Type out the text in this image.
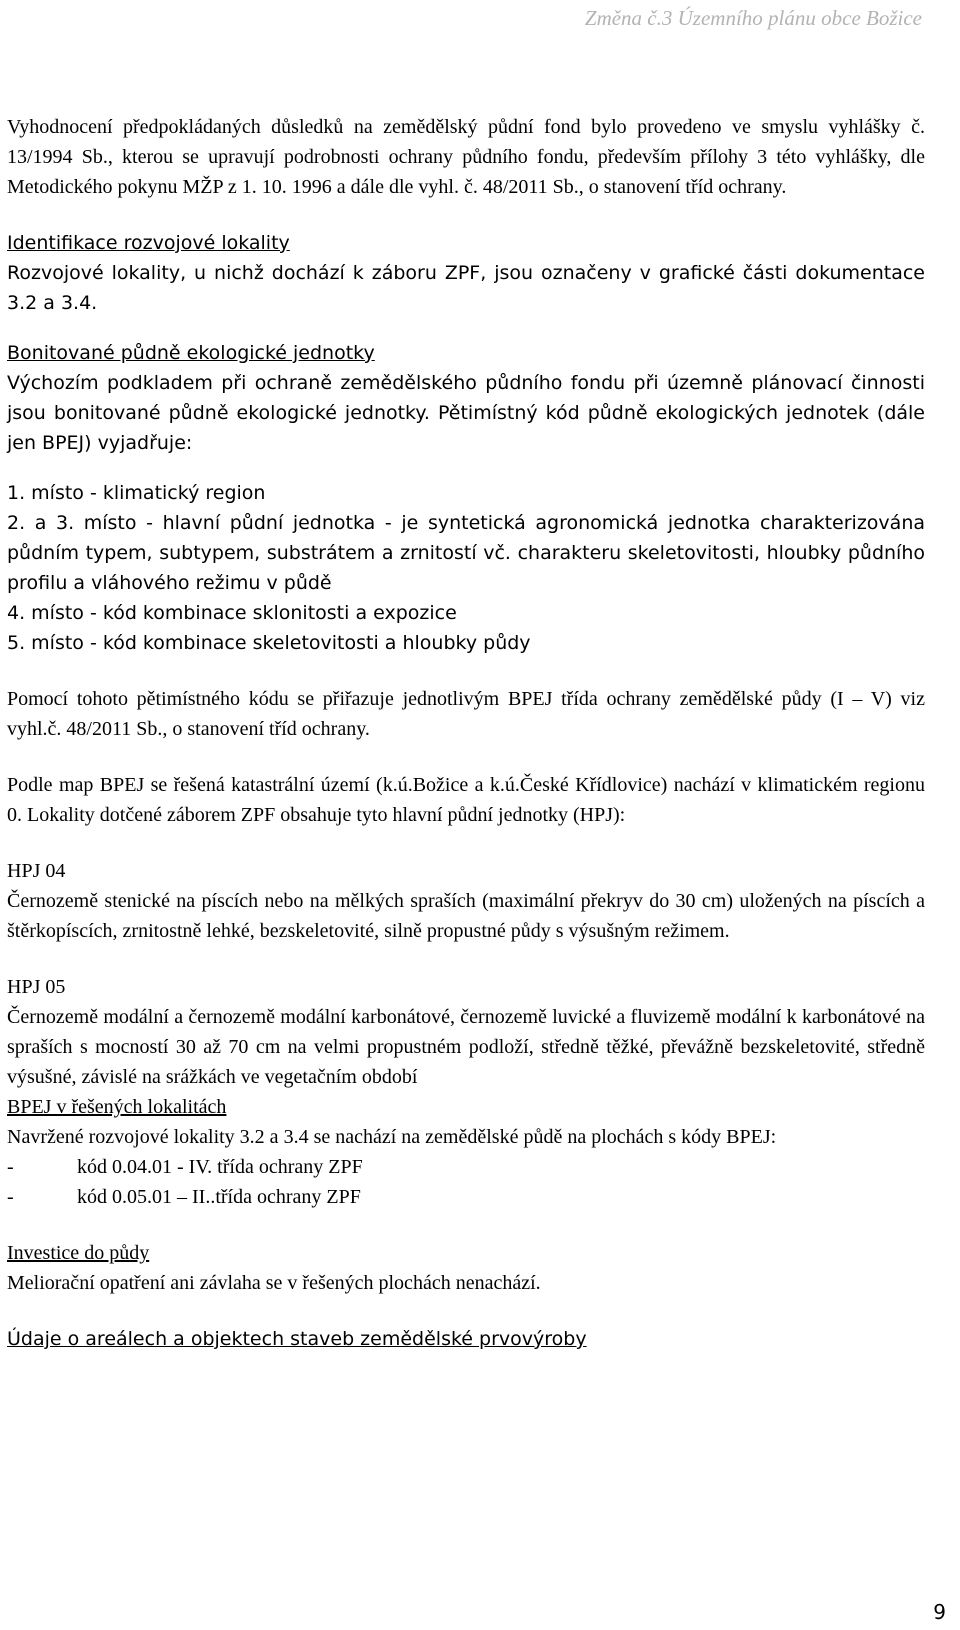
Změna č.3 Územního plánu obce Božice

Vyhodnocení předpokládaných důsledků na zemědělský půdní fond bylo provedeno ve smyslu vyhlášky č. 13/1994 Sb., kterou se upravují podrobnosti ochrany půdního fondu, především přílohy 3 této vyhlášky, dle Metodického pokynu MŽP z 1. 10. 1996 a dále dle vyhl. č. 48/2011 Sb., o stanovení tříd ochrany.

Identifikace rozvojové lokality

Rozvojové lokality, u nichž dochází k záboru ZPF, jsou označeny v grafické části dokumentace 3.2 a 3.4.

Bonitované půdně ekologické jednotky

Výchozím podkladem při ochraně zemědělského půdního fondu při územně plánovací činnosti jsou bonitované půdně ekologické jednotky. Pětimístný kód půdně ekologických jednotek (dále jen BPEJ) vyjadřuje:

1. místo - klimatický region

2. a 3. místo - hlavní půdní jednotka - je syntetická agronomická jednotka charakterizována půdním typem, subtypem, substrátem a zrnitostí vč. charakteru skeletovitosti, hloubky půdního profilu a vláhového režimu v půdě

4. místo - kód kombinace sklonitosti a expozice

5. místo - kód kombinace skeletovitosti a hloubky půdy

Pomocí tohoto pětimístného kódu se přiřazuje jednotlivým BPEJ třída ochrany zemědělské půdy (I – V) viz vyhl.č. 48/2011 Sb., o stanovení tříd ochrany.

Podle map BPEJ se řešená katastrální území (k.ú.Božice a k.ú.České Křídlovice) nachází v klimatickém regionu 0. Lokality dotčené záborem ZPF obsahuje tyto hlavní půdní jednotky (HPJ):

HPJ 04

Černozemě stenické na píscích nebo na mělkých spraších (maximální překryv do 30 cm) uložených na píscích a štěrkopíscích, zrnitostně lehké, bezskeletovité, silně propustné půdy s výsušným režimem.

HPJ 05

Černozemě modální a černozemě modální karbonátové, černozemě luvické a fluvizemě modální k karbonátové na spraších s mocností 30 až 70 cm na velmi propustném podloží, středně těžké, převážně bezskeletovité, středně výsušné, závislé na srážkách ve vegetačním období

BPEJ v řešených lokalitách

Navržené rozvojové lokality 3.2 a 3.4 se nachází na zemědělské půdě na plochách s kódy BPEJ:

-	kód 0.04.01 - IV. třída ochrany ZPF
-	kód 0.05.01 – II..třída ochrany ZPF
Investice do půdy

Meliorační opatření ani závlaha se v řešených plochách nenachází.

Údaje o areálech a objektech staveb zemědělské prvovýroby
9
